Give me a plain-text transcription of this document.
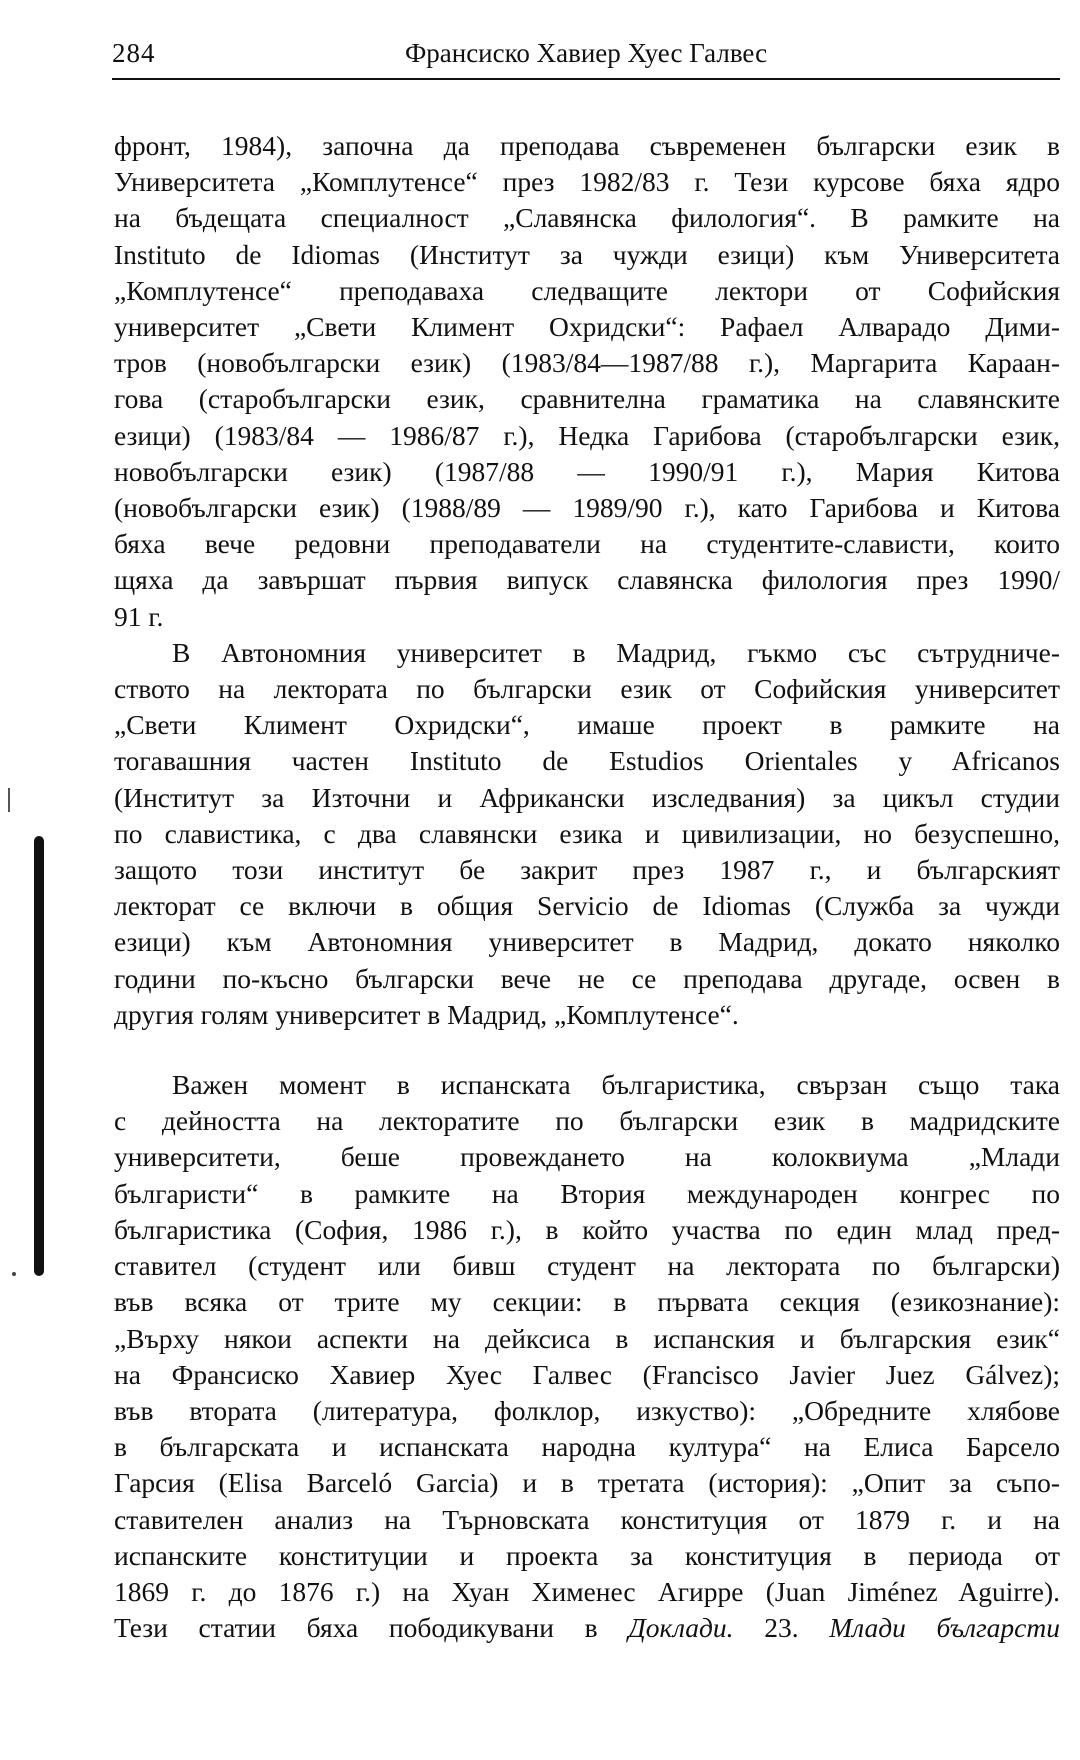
284	Франсиско Хавиер Хуес Галвес
фронт, 1984), започна да преподава съвременен български език в
Университета „Комплутенсе“ през 1982/83 г. Тези курсове бяха ядро
на бъдещата специалност „Славянска филология“. В рамките на
Instituto de Idiomas (Институт за чужди езици) към Университета
„Комплутенсе“ преподаваха следващите лектори от Софийския
университет „Свети Климент Охридски“: Рафаел Алварадо Дими-
тров (новобългарски език) (1983/84—1987/88 г.), Маргарита Караан-
гова (старобългарски език, сравнителна граматика на славянските
езици) (1983/84 — 1986/87 г.), Недка Гарибова (старобългарски език,
новобългарски език) (1987/88 — 1990/91 г.), Мария Китова
(новобългарски език) (1988/89 — 1989/90 г.), като Гарибова и Китова
бяха вече редовни преподаватели на студентите-слависти, които
щяха да завършат първия випуск славянска филология през 1990/
91 г.
В Автономния университет в Мадрид, гъкмо със сътрудниче-
ството на лектората по български език от Софийския университет
„Свети Климент Охридски“, имаше проект в рамките на
тогавашния частен Instituto de Estudios Orientales y Africanos
(Институт за Източни и Африкански изследвания) за цикъл студии
по славистика, с два славянски езика и цивилизации, но безуспешно,
защото този институт бе закрит през 1987 г., и българският
лекторат се включи в общия Servicio de Idiomas (Служба за чужди
езици) към Автономния университет в Мадрид, докато няколко
години по-късно български вече не се преподава другаде, освен в
другия голям университет в Мадрид, „Комплутенсе“.
Важен момент в испанската българистика, свързан също така
с дейността на лекторатите по български език в мадридските
университети, беше провеждането на колоквиума „Млади
българисти“ в рамките на Втория международен конгрес по
българистика (София, 1986 г.), в който участва по един млад пред-
ставител (студент или бивш студент на лектората по български)
във всяка от трите му секции: в първата секция (езикознание):
„Върху някои аспекти на дейксиса в испанския и българския език“
на Франсиско Хавиер Хуес Галвес (Francisco Javier Juez Gálvez);
във втората (литература, фолклор, изкуство): „Обредните хлябове
в българската и испанската народна култура“ на Елиса Барсело
Гарсия (Elisa Barceló Garcia) и в третата (история): „Опит за съпо-
ставителен анализ на Търновската конституция от 1879 г. и на
испанските конституции и проекта за конституция в периода от
1869 г. до 1876 г.) на Хуан Хименес Агирре (Juan Jiménez Aguirre).
Тези статии бяха пободикувани в Доклади. 23. Млади българсти
